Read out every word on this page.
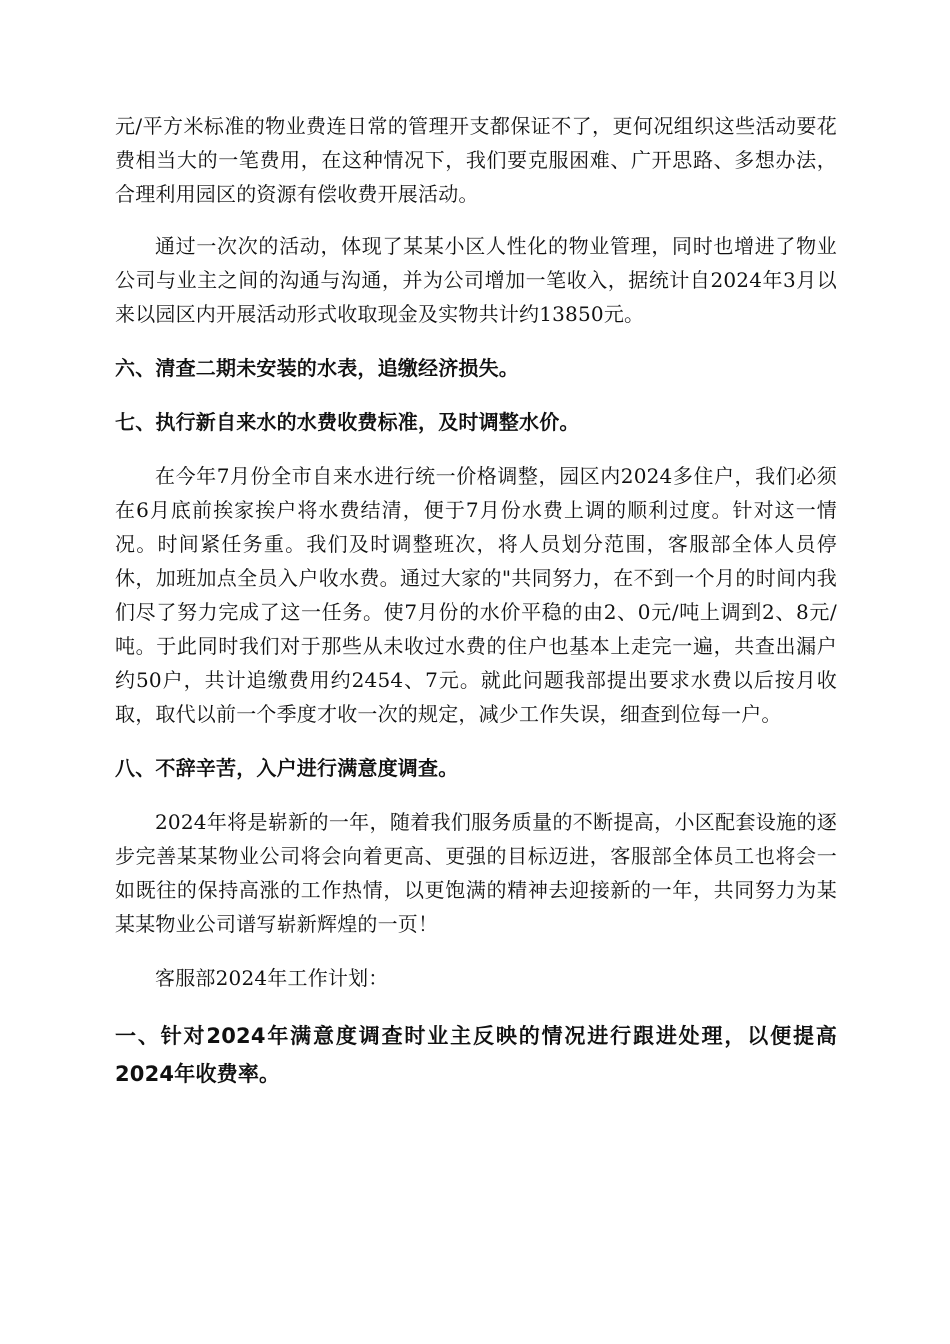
元/平方米标准的物业费连日常的管理开支都保证不了，更何况组织这些活动要花费相当大的一笔费用，在这种情况下，我们要克服困难、广开思路、多想办法，合理利用园区的资源有偿收费开展活动。

通过一次次的活动，体现了某某小区人性化的物业管理，同时也增进了物业公司与业主之间的沟通与沟通，并为公司增加一笔收入，据统计自2024年3月以来以园区内开展活动形式收取现金及实物共计约13850元。

六、清查二期未安装的水表，追缴经济损失。

七、执行新自来水的水费收费标准，及时调整水价。

在今年7月份全市自来水进行统一价格调整，园区内2024多住户，我们必须在6月底前挨家挨户将水费结清，便于7月份水费上调的顺利过度。针对这一情况。时间紧任务重。我们及时调整班次，将人员划分范围，客服部全体人员停休，加班加点全员入户收水费。通过大家的"共同努力，在不到一个月的时间内我们尽了努力完成了这一任务。使7月份的水价平稳的由2、0元/吨上调到2、8元/吨。于此同时我们对于那些从未收过水费的住户也基本上走完一遍，共查出漏户约50户，共计追缴费用约2454、7元。就此问题我部提出要求水费以后按月收取，取代以前一个季度才收一次的规定，减少工作失误，细查到位每一户。

八、不辞辛苦，入户进行满意度调查。

2024年将是崭新的一年，随着我们服务质量的不断提高，小区配套设施的逐步完善某某物业公司将会向着更高、更强的目标迈进，客服部全体员工也将会一如既往的保持高涨的工作热情，以更饱满的精神去迎接新的一年，共同努力为某某某物业公司谱写崭新辉煌的一页！

客服部2024年工作计划：

一、针对2024年满意度调查时业主反映的情况进行跟进处理，以便提高2024年收费率。
